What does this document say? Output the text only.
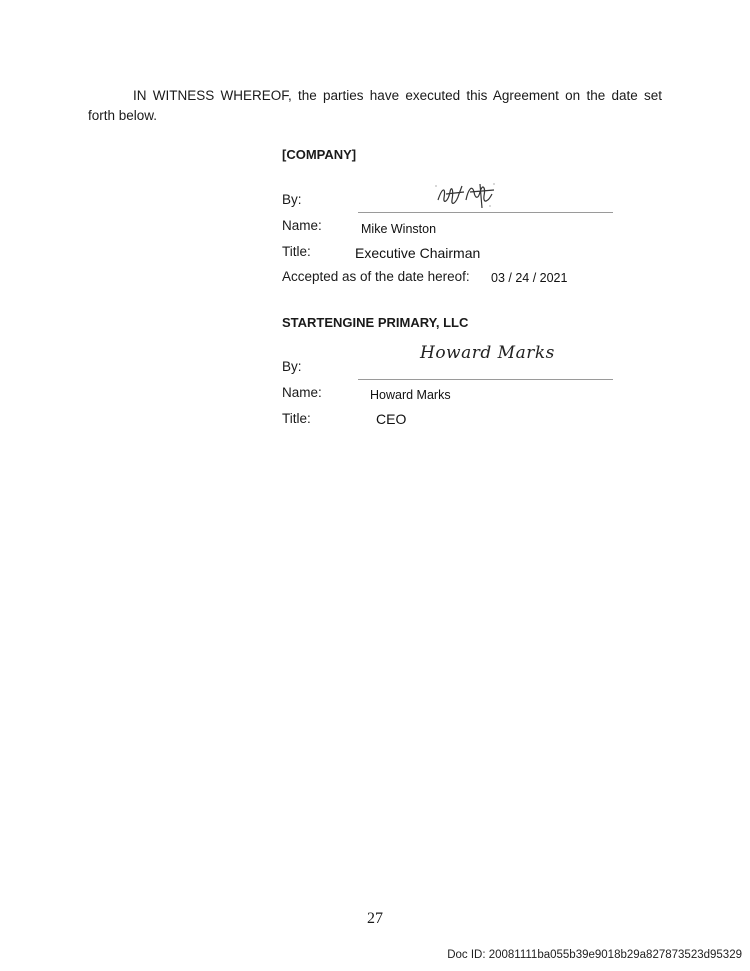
IN WITNESS WHEREOF, the parties have executed this Agreement on the date set forth below.
[COMPANY]
By:
Name:	Mike Winston
Title:	Executive Chairman
Accepted as of the date hereof: 03 / 24 / 2021
STARTENGINE PRIMARY, LLC
By:
Howard Marks
Name:	Howard Marks
Title:	CEO
27
Doc ID: 20081111ba055b39e9018b29a827873523d95329
